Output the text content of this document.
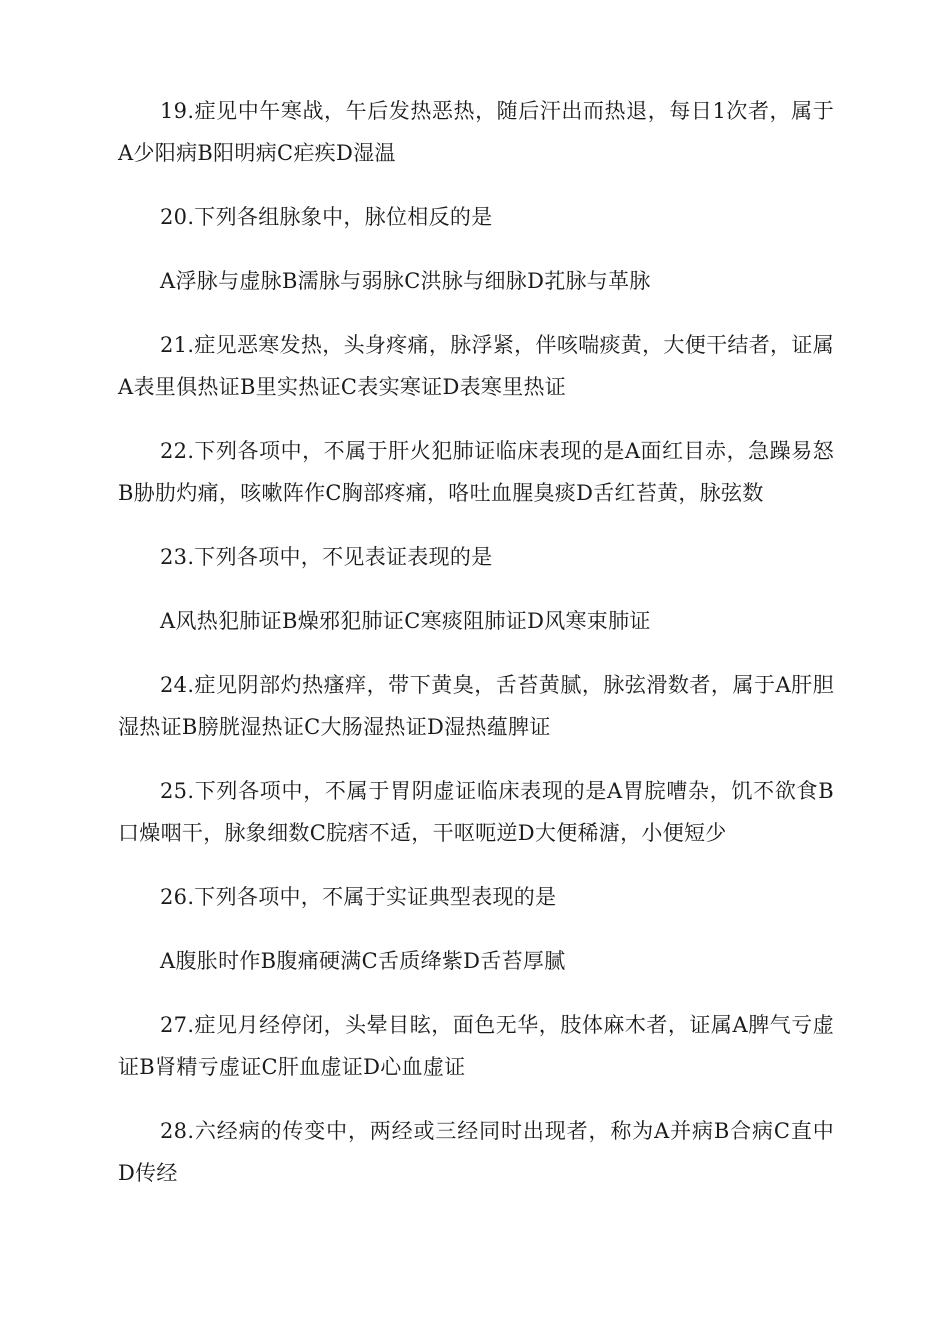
19.症见中午寒战，午后发热恶热，随后汗出而热退，每日1次者，属于A少阳病B阳明病C疟疾D湿温

20.下列各组脉象中，脉位相反的是

A浮脉与虚脉B濡脉与弱脉C洪脉与细脉D芤脉与革脉

21.症见恶寒发热，头身疼痛，脉浮紧，伴咳喘痰黄，大便干结者，证属A表里俱热证B里实热证C表实寒证D表寒里热证

22.下列各项中，不属于肝火犯肺证临床表现的是A面红目赤，急躁易怒B胁肋灼痛，咳嗽阵作C胸部疼痛，咯吐血腥臭痰D舌红苔黄，脉弦数

23.下列各项中，不见表证表现的是

A风热犯肺证B燥邪犯肺证C寒痰阻肺证D风寒束肺证

24.症见阴部灼热瘙痒，带下黄臭，舌苔黄腻，脉弦滑数者，属于A肝胆湿热证B膀胱湿热证C大肠湿热证D湿热蕴脾证

25.下列各项中，不属于胃阴虚证临床表现的是A胃脘嘈杂，饥不欲食B口燥咽干，脉象细数C脘痞不适，干呕呃逆D大便稀溏，小便短少

26.下列各项中，不属于实证典型表现的是

A腹胀时作B腹痛硬满C舌质绛紫D舌苔厚腻

27.症见月经停闭，头晕目眩，面色无华，肢体麻木者，证属A脾气亏虚证B肾精亏虚证C肝血虚证D心血虚证

28.六经病的传变中，两经或三经同时出现者，称为A并病B合病C直中D传经
